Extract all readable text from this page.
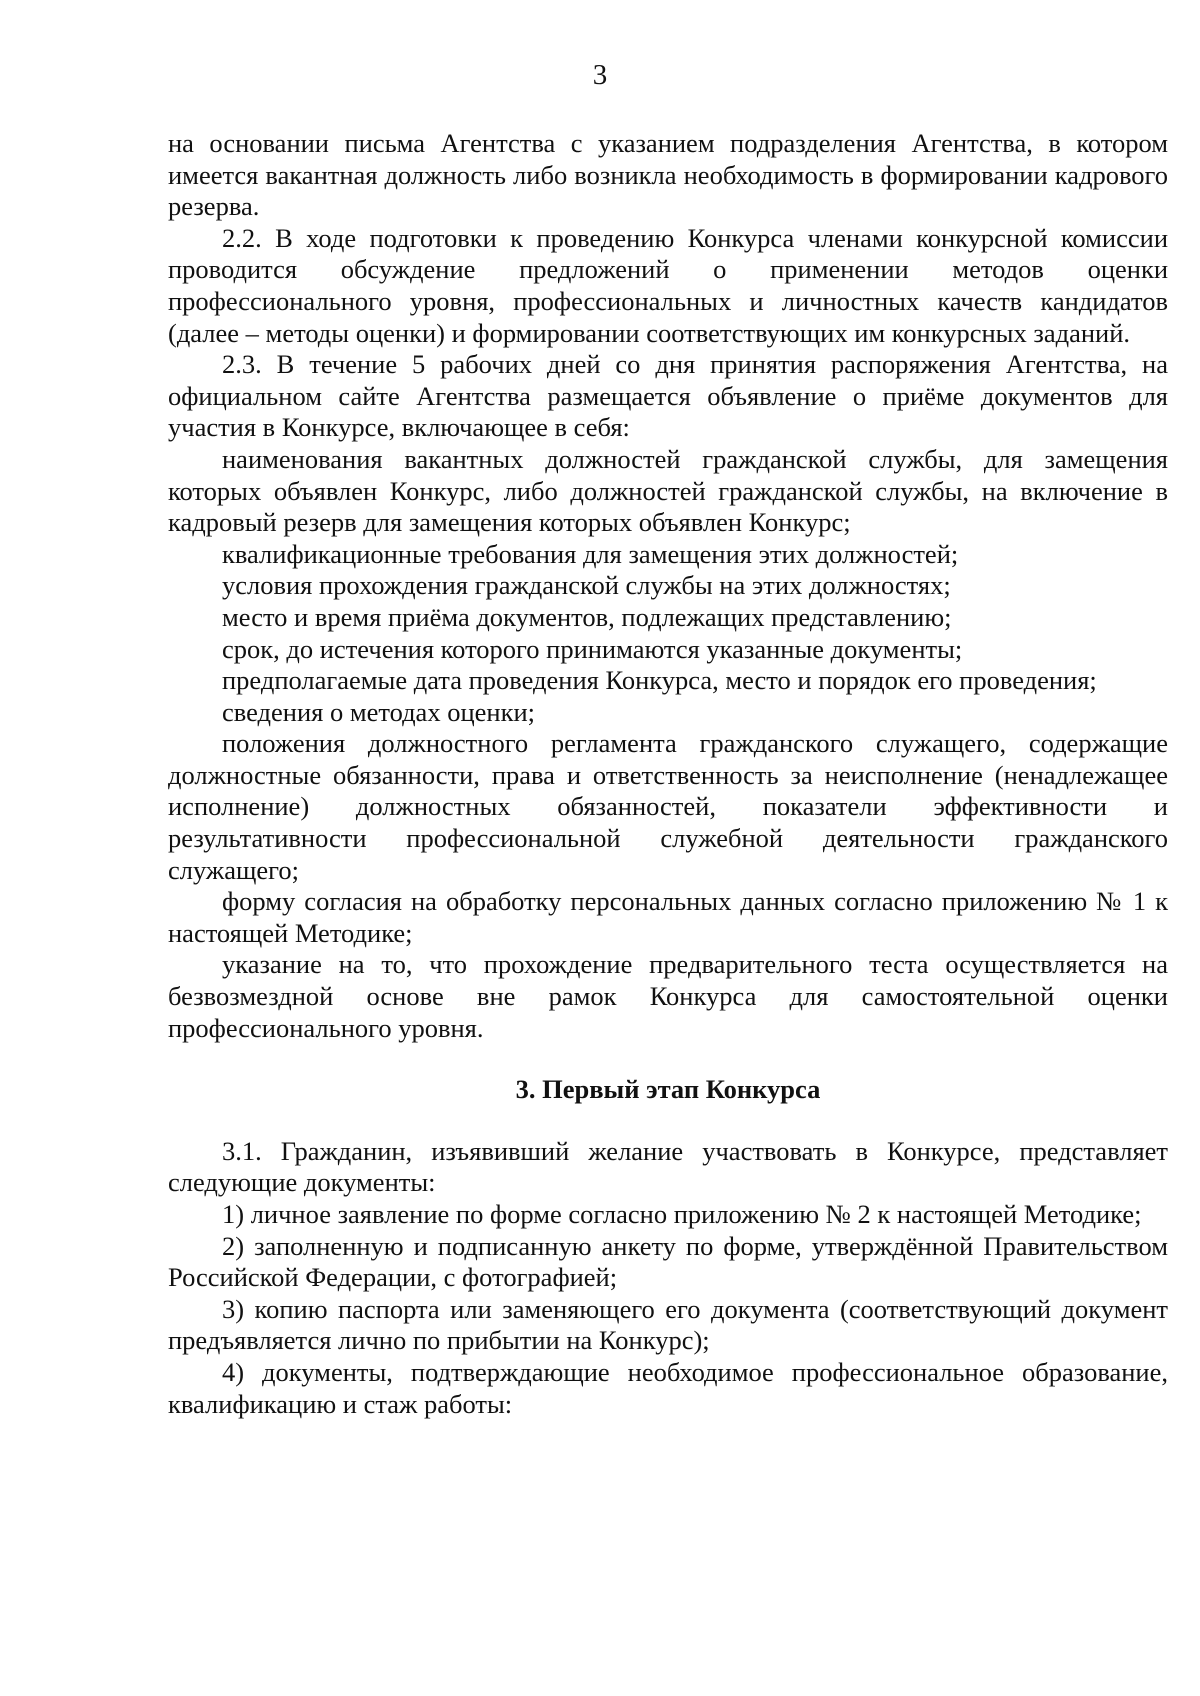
3

на основании письма Агентства с указанием подразделения Агентства, в котором имеется вакантная должность либо возникла необходимость в формировании кадрового резерва.

2.2. В ходе подготовки к проведению Конкурса членами конкурсной комиссии проводится обсуждение предложений о применении методов оценки профессионального уровня, профессиональных и личностных качеств кандидатов (далее – методы оценки) и формировании соответствующих им конкурсных заданий.

2.3. В течение 5 рабочих дней со дня принятия распоряжения Агентства, на официальном сайте Агентства размещается объявление о приёме документов для участия в Конкурсе, включающее в себя:

наименования вакантных должностей гражданской службы, для замещения которых объявлен Конкурс, либо должностей гражданской службы, на включение в кадровый резерв для замещения которых объявлен Конкурс;

квалификационные требования для замещения этих должностей;

условия прохождения гражданской службы на этих должностях;

место и время приёма документов, подлежащих представлению;

срок, до истечения которого принимаются указанные документы;

предполагаемые дата проведения Конкурса, место и порядок его проведения;

сведения о методах оценки;

положения должностного регламента гражданского служащего, содержащие должностные обязанности, права и ответственность за неисполнение (ненадлежащее исполнение) должностных обязанностей, показатели эффективности и результативности профессиональной служебной деятельности гражданского служащего;

форму согласия на обработку персональных данных согласно приложению № 1 к настоящей Методике;

указание на то, что прохождение предварительного теста осуществляется на безвозмездной основе вне рамок Конкурса для самостоятельной оценки профессионального уровня.

3. Первый этап Конкурса

3.1. Гражданин, изъявивший желание участвовать в Конкурсе, представляет следующие документы:

1) личное заявление по форме согласно приложению № 2 к настоящей Методике;

2) заполненную и подписанную анкету по форме, утверждённой Правительством Российской Федерации, с фотографией;

3) копию паспорта или заменяющего его документа (соответствующий документ предъявляется лично по прибытии на Конкурс);

4) документы, подтверждающие необходимое профессиональное образование, квалификацию и стаж работы:
